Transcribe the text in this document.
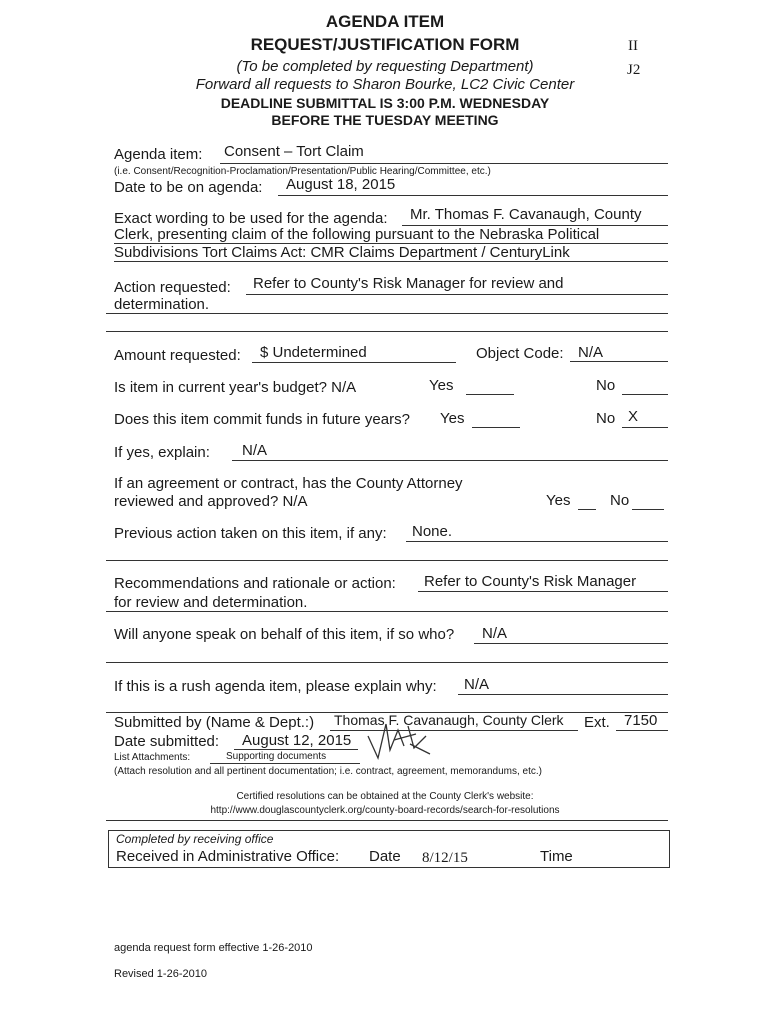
AGENDA ITEM
REQUEST/JUSTIFICATION FORM
(To be completed by requesting Department)
Forward all requests to Sharon Bourke, LC2 Civic Center
DEADLINE SUBMITTAL IS 3:00 P.M. WEDNESDAY
BEFORE THE TUESDAY MEETING
II
J2
Agenda item: Consent – Tort Claim
(i.e. Consent/Recognition-Proclamation/Presentation/Public Hearing/Committee, etc.)
Date to be on agenda: August 18, 2015
Exact wording to be used for the agenda: Mr. Thomas F. Cavanaugh, County
Clerk, presenting claim of the following pursuant to the Nebraska Political
Subdivisions Tort Claims Act: CMR Claims Department / CenturyLink
Action requested: Refer to County's Risk Manager for review and
determination.
Amount requested: $ Undetermined	Object Code: N/A
Is item in current year's budget? N/A	Yes	No
Does this item commit funds in future years? Yes	No X
If yes, explain: N/A
If an agreement or contract, has the County Attorney
reviewed and approved? N/A	Yes	No
Previous action taken on this item, if any: None.
Recommendations and rationale or action: Refer to County's Risk Manager
for review and determination.
Will anyone speak on behalf of this item, if so who? N/A
If this is a rush agenda item, please explain why: N/A
Submitted by (Name & Dept.:) Thomas F. Cavanaugh, County Clerk Ext. 7150
Date submitted: August 12, 2015
List Attachments:	Supporting documents
(Attach resolution and all pertinent documentation; i.e. contract, agreement, memorandums, etc.)
Certified resolutions can be obtained at the County Clerk's website:
http://www.douglascountyclerk.org/county-board-records/search-for-resolutions
Completed by receiving office
Received in Administrative Office: Date 8/12/15	Time
agenda request form effective 1-26-2010
Revised 1-26-2010
